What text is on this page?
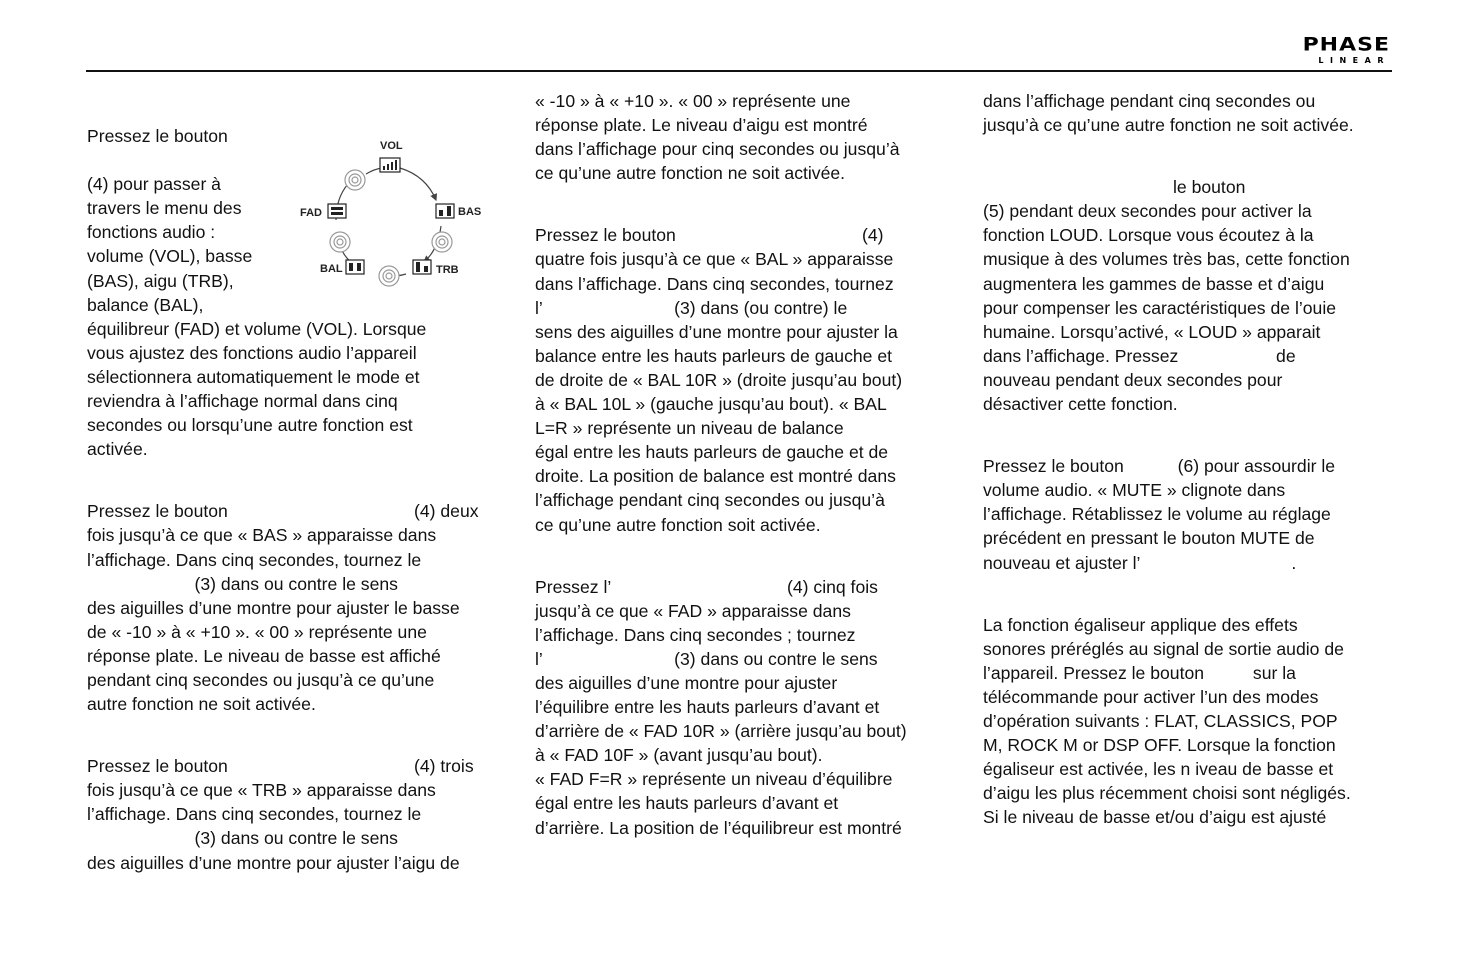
PHASE
LINEAR

Pressez le bouton

(4) pour passer à

travers le menu des

fonctions audio :

volume (VOL), basse

(BAS), aigu (TRB),

balance (BAL),

équilibreur (FAD) et volume (VOL). Lorsque

vous ajustez des fonctions audio l’appareil

sélectionnera automatiquement le mode et

reviendra à l’affichage normal dans cinq

secondes ou lorsqu’une autre fonction est

activée.

Pressez le bouton	(4) deux

fois jusqu’à ce que « BAS » apparaisse dans

l’affichage. Dans cinq secondes, tournez le

(3) dans ou contre le sens

des aiguilles d’une montre pour ajuster le basse

de « -10 » à « +10 ». « 00 » représente une

réponse plate. Le niveau de basse est affiché

pendant cinq secondes ou jusqu’à ce qu’une

autre fonction ne soit activée.

Pressez le bouton	(4) trois

fois jusqu’à ce que « TRB » apparaisse dans

l’affichage. Dans cinq secondes, tournez le

(3) dans ou contre le sens

des aiguilles d’une montre pour ajuster l’aigu de

VOL
BAS
TRB
BAL
FAD

« -10 » à « +10 ». « 00 » représente une

réponse plate. Le niveau d’aigu est montré

dans l’affichage pour cinq secondes ou jusqu’à

ce qu’une autre fonction ne soit activée.

Pressez le bouton	(4)

quatre fois jusqu’à ce que « BAL » apparaisse

dans l’affichage. Dans cinq secondes, tournez

l’                           (3) dans (ou contre) le

sens des aiguilles d’une montre pour ajuster la

balance entre les hauts parleurs de gauche et

de droite de « BAL 10R » (droite jusqu’au bout)

à « BAL 10L » (gauche jusqu’au bout). « BAL

L=R » représente un niveau de balance

égal entre les hauts parleurs de gauche et de

droite. La position de balance est montré dans

l’affichage pendant cinq secondes ou jusqu’à

ce qu’une autre fonction soit activée.

Pressez l’	(4) cinq fois

jusqu’à ce que « FAD » apparaisse dans

l’affichage. Dans cinq secondes ; tournez

l’                           (3) dans ou contre le sens

des aiguilles d’une montre pour ajuster

l’équilibre entre les hauts parleurs d’avant et

d’arrière de « FAD 10R » (arrière jusqu’au bout)

à « FAD 10F » (avant jusqu’au bout).

« FAD F=R » représente un niveau d’équilibre

égal entre les hauts parleurs d’avant et

d’arrière. La position de l’équilibreur est montré

dans l’affichage pendant cinq secondes ou

jusqu’à ce qu’une autre fonction ne soit activée.

le bouton

(5) pendant deux secondes pour activer la

fonction LOUD. Lorsque vous écoutez à la

musique à des volumes très bas, cette fonction

augmentera les gammes de basse et d’aigu

pour compenser les caractéristiques de l’ouie

humaine. Lorsqu’activé, « LOUD » apparait

dans l’affichage. Pressez                    de

nouveau pendant deux secondes pour

désactiver cette fonction.

Pressez le bouton           (6) pour assourdir le

volume audio. « MUTE » clignote dans

l’affichage. Rétablissez le volume au réglage

précédent en pressant le bouton MUTE de

nouveau et ajuster l’                               .

La fonction égaliseur applique des effets

sonores préréglés au signal de sortie audio de

l’appareil. Pressez le bouton          sur la

télécommande pour activer l’un des modes

d’opération suivants : FLAT, CLASSICS, POP

M, ROCK M or DSP OFF. Lorsque la fonction

égaliseur est activée, les n iveau de basse et

d’aigu les plus récemment choisi sont négligés.

Si le niveau de basse et/ou d’aigu est ajusté
